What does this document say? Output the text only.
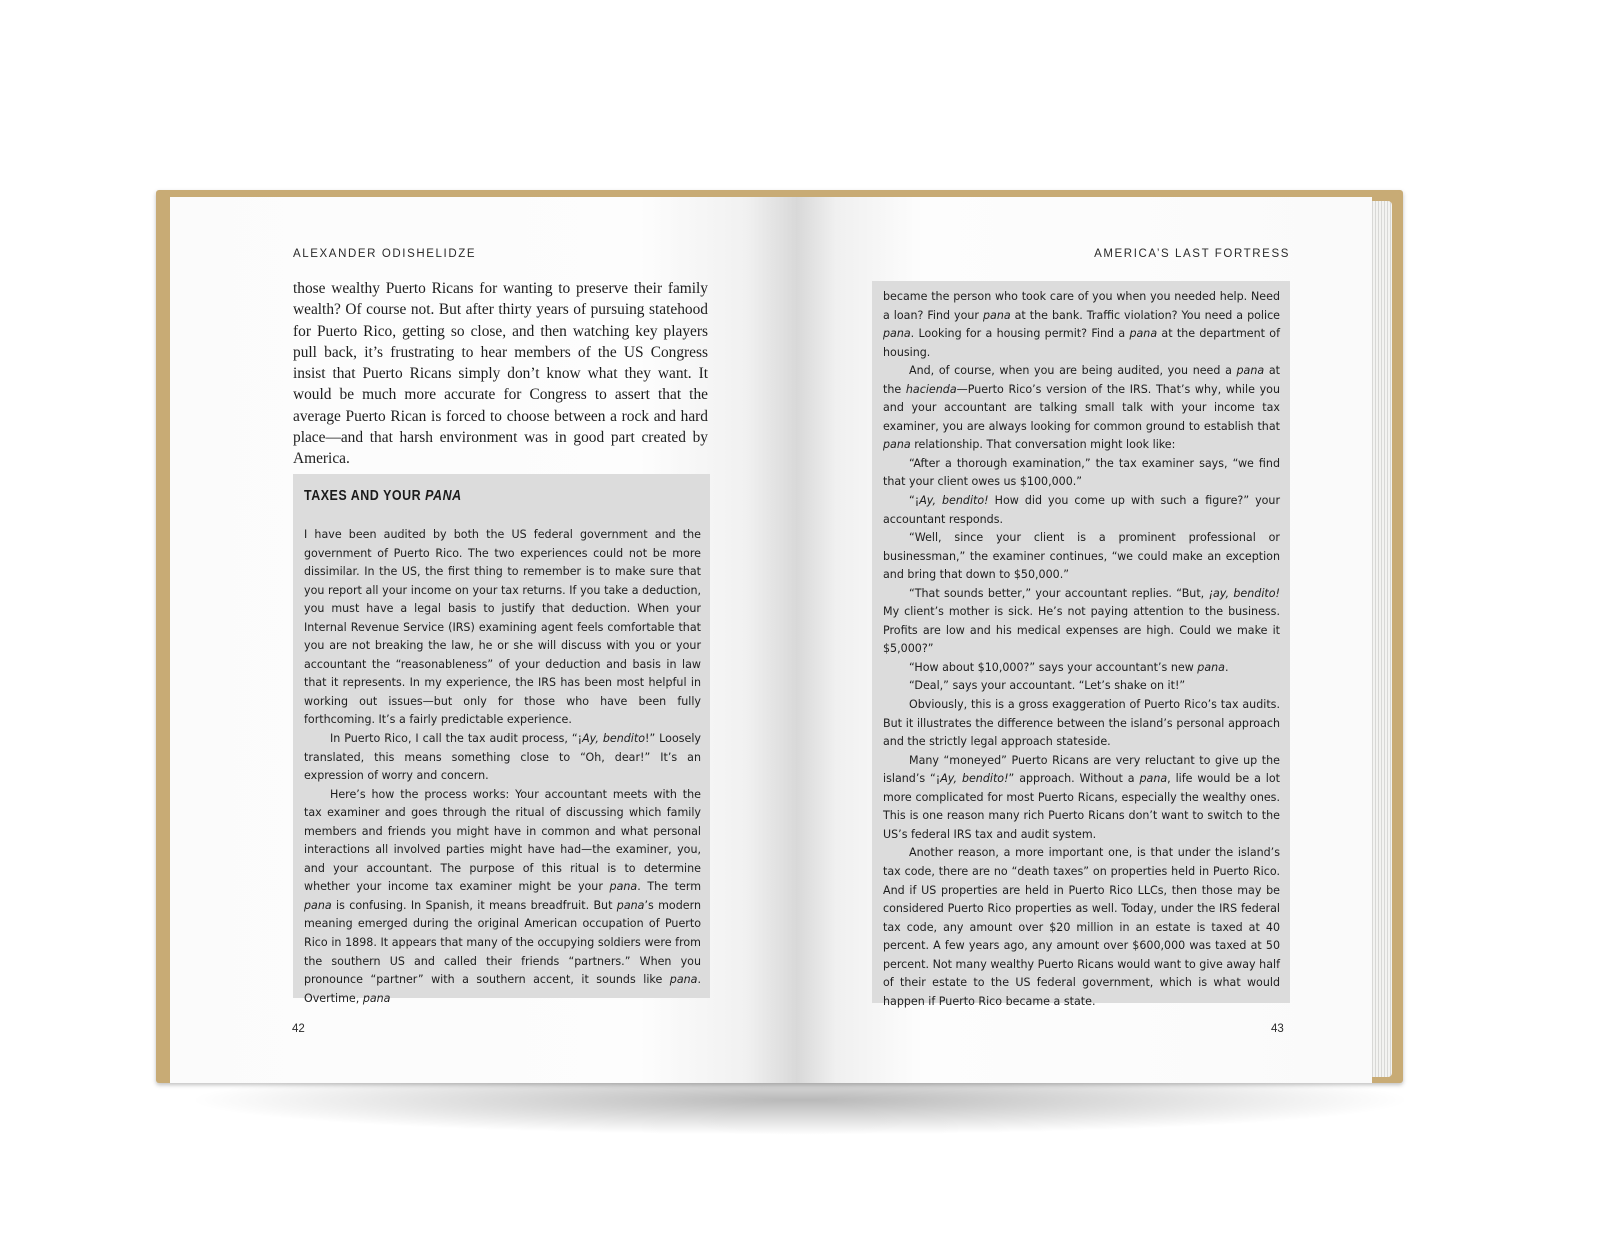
ALEXANDER ODISHELIDZE	AMERICA’S LAST FORTRESS

those wealthy Puerto Ricans for wanting to preserve their family wealth? Of course not. But after thirty years of pursuing statehood for Puerto Rico, getting so close, and then watching key players pull back, it’s frustrating to hear members of the US Congress insist that Puerto Ricans simply don’t know what they want. It would be much more accurate for Congress to assert that the average Puerto Rican is forced to choose between a rock and hard place—and that harsh environment was in good part created by America.

TAXES AND YOUR PANA

I have been audited by both the US federal government and the government of Puerto Rico. The two experiences could not be more dissimilar. In the US, the first thing to remember is to make sure that you report all your income on your tax returns. If you take a deduction, you must have a legal basis to justify that deduction. When your Internal Revenue Service (IRS) examining agent feels comfortable that you are not breaking the law, he or she will discuss with you or your accountant the “reasonableness” of your deduction and basis in law that it represents. In my experience, the IRS has been most helpful in working out issues—but only for those who have been fully forthcoming. It’s a fairly predictable experience.

In Puerto Rico, I call the tax audit process, “¡Ay, bendito!” Loosely translated, this means something close to “Oh, dear!” It’s an expression of worry and concern.

Here’s how the process works: Your accountant meets with the tax examiner and goes through the ritual of discussing which family members and friends you might have in common and what personal interactions all involved parties might have had—the examiner, you, and your accountant. The purpose of this ritual is to determine whether your income tax examiner might be your pana. The term pana is confusing. In Spanish, it means breadfruit. But pana’s modern meaning emerged during the original American occupation of Puerto Rico in 1898. It appears that many of the occupying soldiers were from the southern US and called their friends “partners.” When you pronounce “partner” with a southern accent, it sounds like pana. Overtime, pana

became the person who took care of you when you needed help. Need a loan? Find your pana at the bank. Traffic violation? You need a police pana. Looking for a housing permit? Find a pana at the department of housing.

And, of course, when you are being audited, you need a pana at the hacienda—Puerto Rico’s version of the IRS. That’s why, while you and your accountant are talking small talk with your income tax examiner, you are always looking for common ground to establish that pana relationship. That conversation might look like:

“After a thorough examination,” the tax examiner says, “we find that your client owes us $100,000.”

“¡Ay, bendito! How did you come up with such a figure?” your accountant responds.

“Well, since your client is a prominent professional or businessman,” the examiner continues, “we could make an exception and bring that down to $50,000.”

“That sounds better,” your accountant replies. “But, ¡ay, bendito! My client’s mother is sick. He’s not paying attention to the business. Profits are low and his medical expenses are high. Could we make it $5,000?”

“How about $10,000?” says your accountant’s new pana.

“Deal,” says your accountant. “Let’s shake on it!”

Obviously, this is a gross exaggeration of Puerto Rico’s tax audits. But it illustrates the difference between the island’s personal approach and the strictly legal approach stateside.

Many “moneyed” Puerto Ricans are very reluctant to give up the island’s “¡Ay, bendito!” approach. Without a pana, life would be a lot more complicated for most Puerto Ricans, especially the wealthy ones. This is one reason many rich Puerto Ricans don’t want to switch to the US’s federal IRS tax and audit system.

Another reason, a more important one, is that under the island’s tax code, there are no “death taxes” on properties held in Puerto Rico. And if US properties are held in Puerto Rico LLCs, then those may be considered Puerto Rico properties as well. Today, under the IRS federal tax code, any amount over $20 million in an estate is taxed at 40 percent. A few years ago, any amount over $600,000 was taxed at 50 percent. Not many wealthy Puerto Ricans would want to give away half of their estate to the US federal government, which is what would happen if Puerto Rico became a state.

42	43
